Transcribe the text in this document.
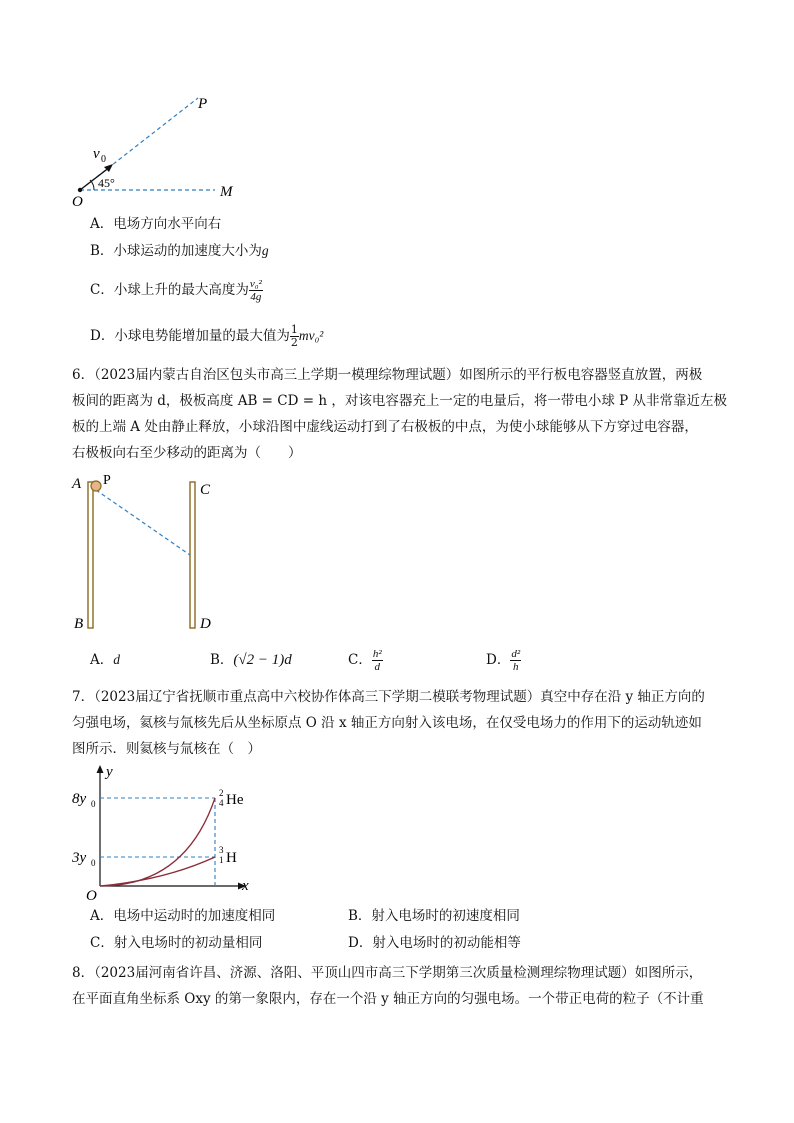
P
O
M
v 0
45°
A．电场方向水平向右
B．小球运动的加速度大小为g
C．小球上升的最大高度为 $\frac{\text{v₀²}}{4g}$
D．小球电势能增加量的最大值为 $\frac{1}{2} mv_0^2$
6．（2023届内蒙古自治区包头市高三上学期一模理综物理试题）如图所示的平行板电容器竖直放置，两极
板间的距离为 d，极板高度 AB = CD = h ，对该电容器充上一定的电量后，将一带电小球 P 从非常靠近左极
板的上端 A 处由静止释放，小球沿图中虚线运动打到了右极板的中点，为使小球能够从下方穿过电容器，
右极板向右至少移动的距离为（　　）
A P
B
C
D
A．d	B．(√2 − 1)d	C． $\frac{\text{h²}}{d}$	D． $\frac{\text{d²}}{h}$
7．（2023届辽宁省抚顺市重点高中六校协作体高三下学期二模联考物理试题）真空中存在沿 y 轴正方向的
匀强电场，氦核与氚核先后从坐标原点 O 沿 x 轴正方向射入该电场，在仅受电场力的作用下的运动轨迹如
图所示．则氦核与氚核在（　）
y
x
O
8y 0
3y 0
2
4 He
3
1 H
A．电场中运动时的加速度相同	B．射入电场时的初速度相同
C．射入电场时的初动量相同	D．射入电场时的初动能相等
8．（2023届河南省许昌、济源、洛阳、平顶山四市高三下学期第三次质量检测理综物理试题）如图所示，
在平面直角坐标系 Oxy 的第一象限内，存在一个沿 y 轴正方向的匀强电场。一个带正电荷的粒子（不计重
